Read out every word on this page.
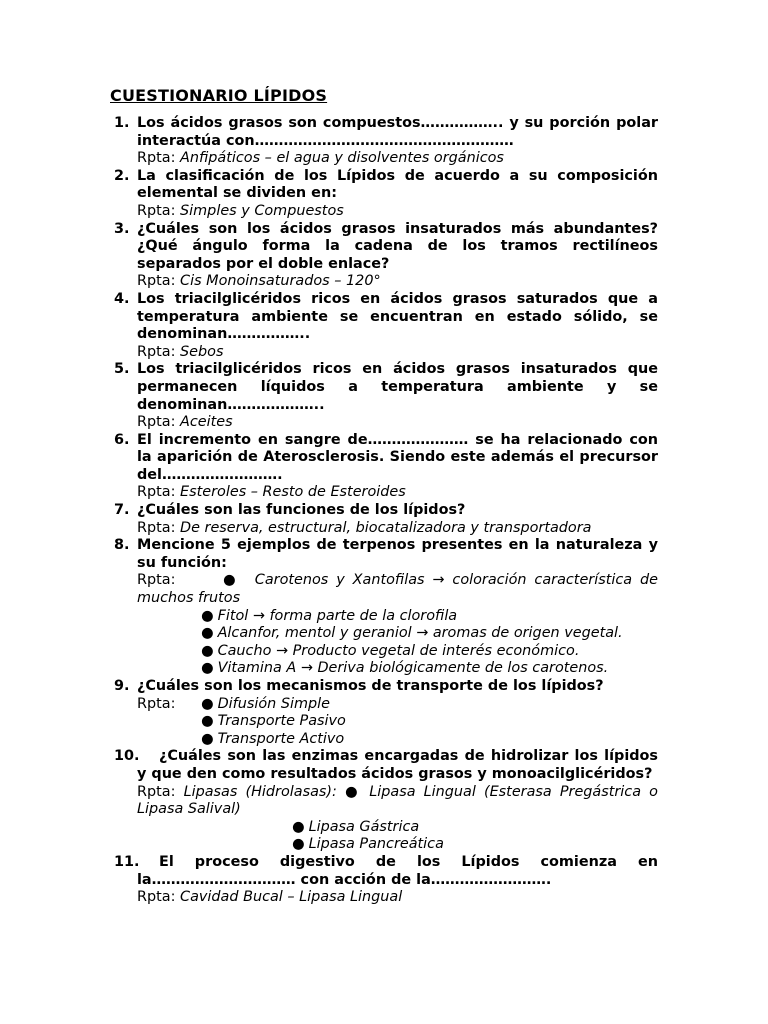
CUESTIONARIO LÍPIDOS
1. Los ácidos grasos son compuestos…………….. y su porción polar interactúa con………………………………………………
Rpta: Anfipáticos – el agua y disolventes orgánicos
2. La clasificación de los Lípidos de acuerdo a su composición elemental se dividen en:
Rpta: Simples y Compuestos
3. ¿Cuáles son los ácidos grasos insaturados más abundantes? ¿Qué ángulo forma la cadena de los tramos rectilíneos separados por el doble enlace?
Rpta: Cis Monoinsaturados – 120°
4. Los triacilglicéridos ricos en ácidos grasos saturados que a temperatura ambiente se encuentran en estado sólido, se denominan……………..
Rpta: Sebos
5. Los triacilglicéridos ricos en ácidos grasos insaturados que permanecen líquidos a temperatura ambiente y se denominan………………..
Rpta: Aceites
6. El incremento en sangre de………………… se ha relacionado con la aparición de Aterosclerosis. Siendo este además el precursor del…………………….
Rpta: Esteroles – Resto de Esteroides
7. ¿Cuáles son las funciones de los lípidos?
Rpta: De reserva, estructural, biocatalizadora y transportadora
8. Mencione 5 ejemplos de terpenos presentes en la naturaleza y su función:
Rpta:	● Carotenos y Xantofilas → coloración característica de muchos frutos
● Fitol → forma parte de la clorofila
● Alcanfor, mentol y geraniol → aromas de origen vegetal.
● Caucho → Producto vegetal de interés económico.
● Vitamina A → Deriva biológicamente de los carotenos.
9. ¿Cuáles son los mecanismos de transporte de los lípidos?
Rpta: ● Difusión Simple
● Transporte Pasivo
● Transporte Activo
10.	¿Cuáles son las enzimas encargadas de hidrolizar los lípidos y que den como resultados ácidos grasos y monoacilglicéridos?
Rpta: Lipasas (Hidrolasas): ● Lipasa Lingual (Esterasa Pregástrica o Lipasa Salival)
● Lipasa Gástrica
● Lipasa Pancreática
11.	El proceso digestivo de los Lípidos comienza en la………………………… con acción de la…………………….
Rpta: Cavidad Bucal – Lipasa Lingual
